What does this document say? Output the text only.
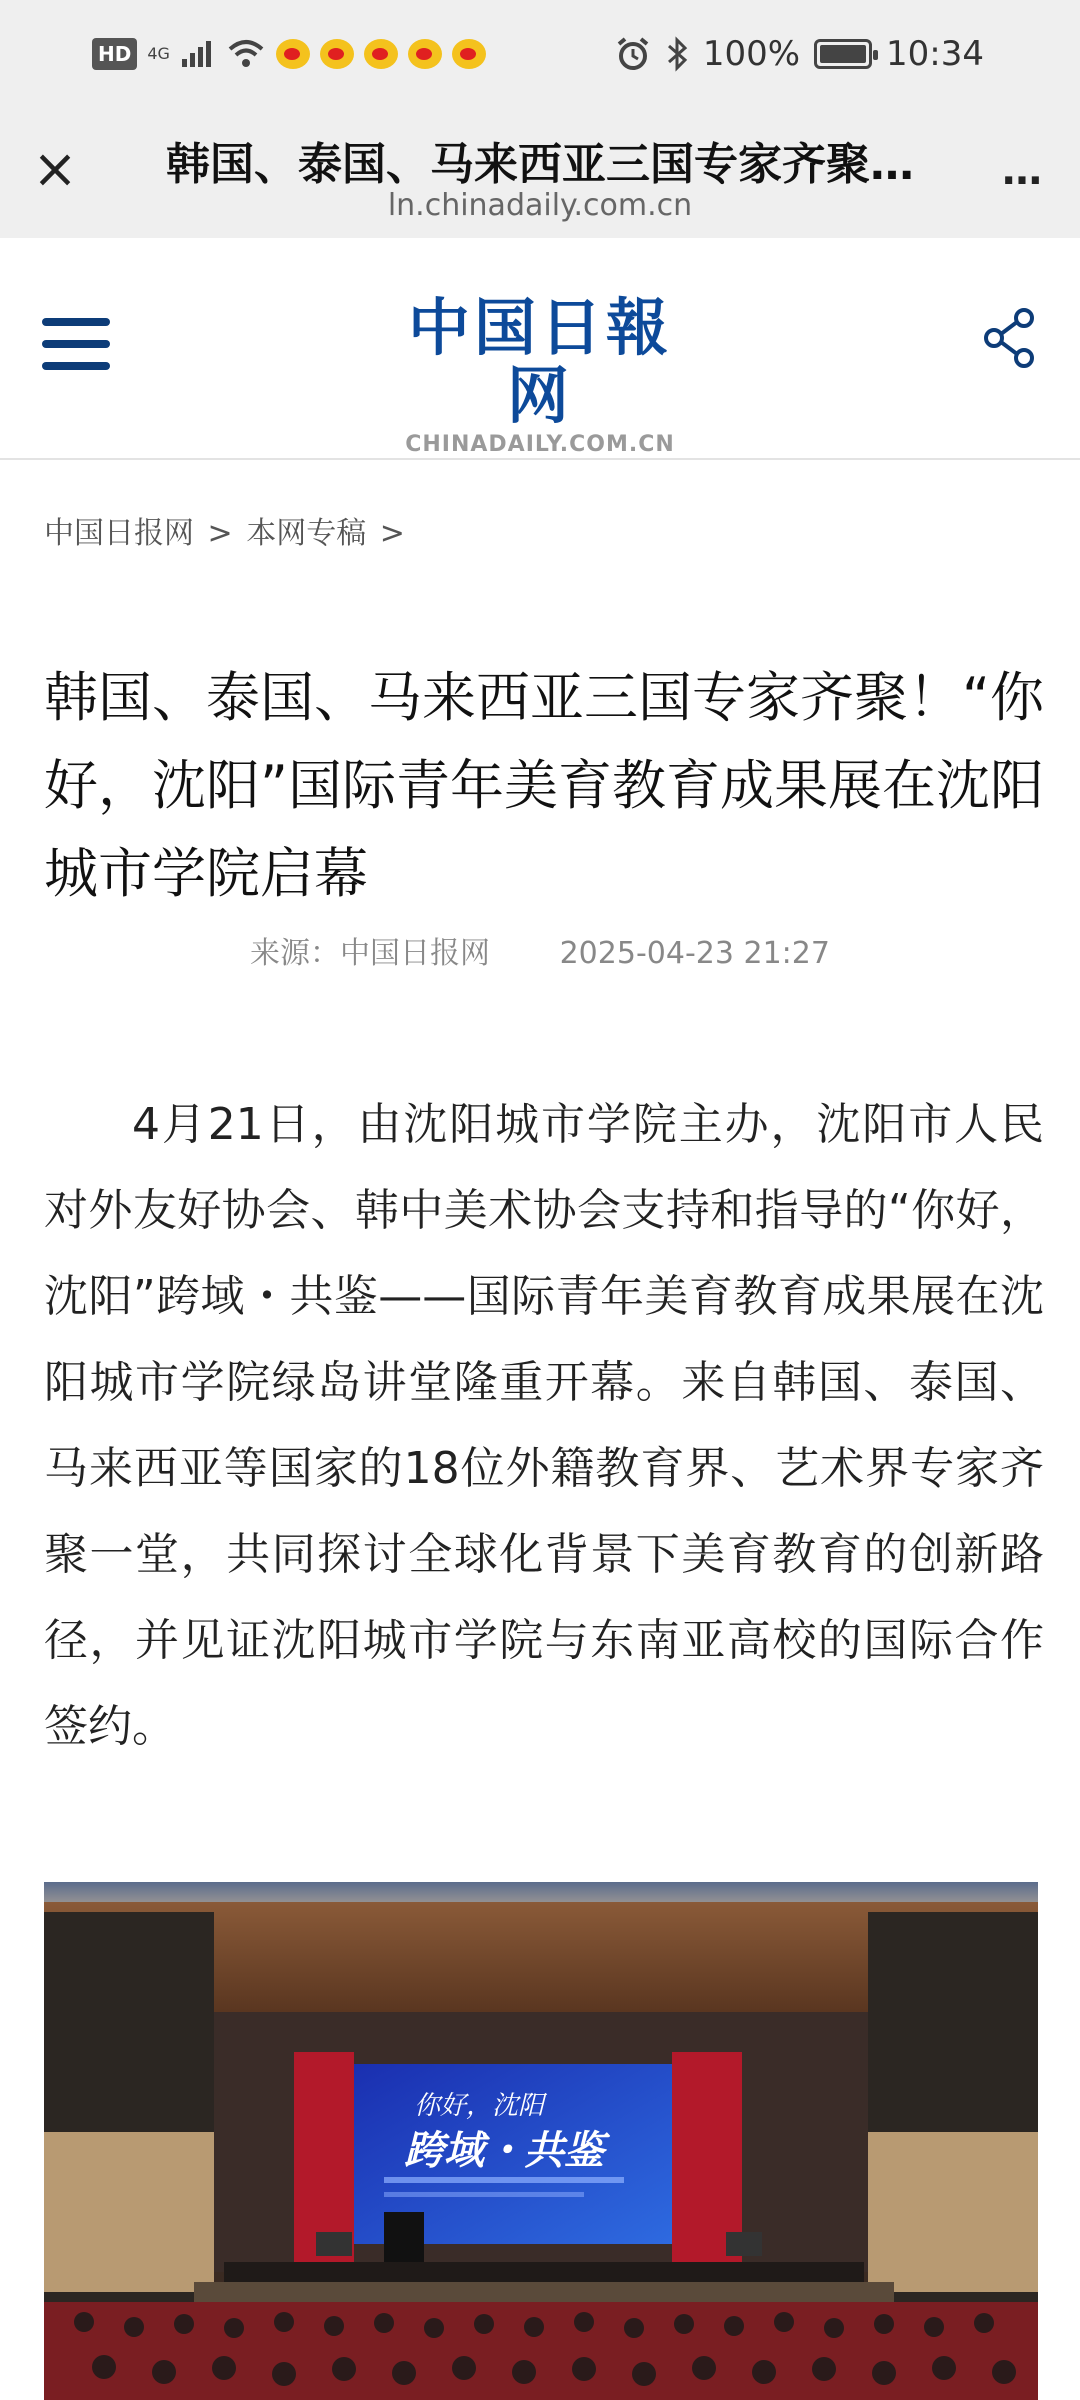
HD	4G	100%	10:34
×	韩国、泰国、马来西亚三国专家齐聚…
ln.chinadaily.com.cn
…
中国日報网
CHINADAILY.COM.CN
中国日报网 > 本网专稿 >
韩国、泰国、马来西亚三国专家齐聚！“你好，沈阳”国际青年美育教育成果展在沈阳城市学院启幕
来源：中国日报网 2025-04-23 21:27

4月21日，由沈阳城市学院主办，沈阳市人民对外友好协会、韩中美术协会支持和指导的“你好，沈阳”跨域・共鉴——国际青年美育教育成果展在沈阳城市学院绿岛讲堂隆重开幕。来自韩国、泰国、马来西亚等国家的18位外籍教育界、艺术界专家齐聚一堂，共同探讨全球化背景下美育教育的创新路径，并见证沈阳城市学院与东南亚高校的国际合作签约。

你好，沈阳
跨域・共鉴
